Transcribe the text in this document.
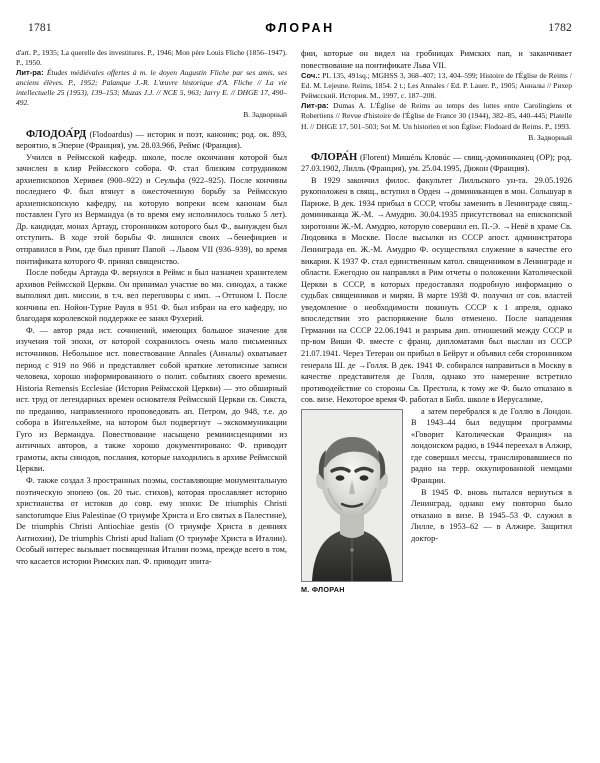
1781	ФЛОРАН	1782

d'art. P., 1935; La querelle des investitures. P., 1946; Mon père Louis Fliche (1856–1947). P., 1950.

Лит-ра: Études médiévales offertes à m. le doyen Augustin Fliche par ses amis, ses anciens élèves. P., 1952; Palanque J.-R. L'œuvre historique d'A. Fliche // La vie intellectuelle 25 (1953), 139–153; Muzas J.J. // NCE 5, 963; Jarry E. // DHGE 17, 490–492.

В. Задворный

ФЛОДОА́РД (Flodoardus) — историк и поэт, каноник; род. ок. 893, вероятно, в Эперне (Франция), ум. 28.03.966, Реймс (Франция).

Учился в Реймсской кафедр. школе, после окончания которой был зачислен в клир Реймсского собора. Ф. стал близким сотрудником архиепископов Херивея (900–922) и Сеульфа (922–925). После кончины последнего Ф. был втянут в ожесточенную борьбу за Реймсскую архиепископскую кафедру, на которую вопреки всем канонам был поставлен Гуго из Вермандуа (в то время ему исполнилось только 5 лет). Др. кандидат, монах Артауд, сторонником которого был Ф., вынужден был отступить. В ходе этой борьбы Ф. лишился своих →бенефициев и отправился в Рим, где был принят Папой →Львом VII (936–939), во время понтификата которого Ф. принял священство.

После победы Артауда Ф. вернулся в Реймс и был назначен хранителем архивов Реймсской Церкви. Он принимал участие во мн. синодах, а также выполнял дип. миссии, в т.ч. вел переговоры с имп. →Оттоном I. После кончины еп. Нойон-Турне Рауля в 951 Ф. был избран на его кафедру, но благодаря королевской поддержке ее занял Фухерий.

Ф. — автор ряда ист. сочинений, имеющих большое значение для изучения той эпохи, от которой сохранилось очень мало письменных источников. Небольшое ист. повествование Annales (Анналы) охватывает период с 919 по 966 и представляет собой краткие летописные записи человека, хорошо информированного о полит. событиях своего времени. Historia Remensis Ecclesiae (История Реймсской Церкви) — это обширный ист. труд от легендарных времен основателя Реймсской Церкви св. Сикста, по преданию, направленного проповедовать ап. Петром, до 948, т.е. до собора в Ингельхейме, на котором был подвергнут →экскоммуникации Гуго из Вермандуа. Повествование насыщено реминисценциями из античных авторов, а также хорошо документировано: Ф. приводит грамоты, акты синодов, послания, которые находились в архиве Реймсской Церкви.

Ф. также создал 3 пространных поэмы, составляющие монументальную поэтическую эпопею (ок. 20 тыс. стихов), которая прославляет историю христианства от истоков до совр. ему эпохи: De triumphis Christi sanctorumque Eius Palestinae (О триумфе Христа и Его святых в Палестине), De triumphis Christi Antiochiae gestis (О триумфе Христа в деяниях Антиохии), De triumphis Christi apud Italiam (О триумфе Христа в Италии). Особый интерес вызывает посвященная Италии поэма, прежде всего в том, что касается истории Римских пап. Ф. приводит эпита-

фии, которые он видел на гробницах Римских пап, и заканчивает повествование на понтификате Льва VII.

Соч.: PL 135, 491sq.; MGHSS 3, 368–407; 13, 404–599; Histoire de l'Église de Reims / Ed. M. Lejeune. Reims, 1854. 2 t.; Les Annales / Ed. P. Lauer. P., 1905; Анналы // Рихер Реймсский. История. М., 1997, с. 187–208.

Лит-ра: Dumas A. L'Église de Reims au temps des luttes entre Carolingiens et Robertiens // Revue d'histoire de l'Église de France 30 (1944), 382–85, 440–445; Platelle H. // DHGE 17, 501–503; Sot M. Un historien et son Église: Flodoard de Reims. P., 1993.

В. Задворный

ФЛОРА́Н (Florent) Мишéль Кловúс — свящ.-доминиканец (OP); род. 27.03.1902, Лилль (Франция), ум. 25.04.1995, Дижон (Франция).

В 1929 закончил филос. факультет Лилльского ун-та. 29.05.1926 рукоположен в свящ., вступил в Орден →доминиканцев в мон. Сольшуар в Париже. В дек. 1934 прибыл в СССР, чтобы заменить в Ленинграде свящ.-доминиканца Ж.-М. →Амудрю. 30.04.1935 присутствовал на епископской хиротонии Ж.-М. Амудрю, которую совершил еп. П.-Э. →Невё в храме Св. Людовика в Москве. После высылки из СССР апост. администратора Ленинграда еп. Ж.-М. Амудрю Ф. осуществлял служение в качестве его викария. К 1937 Ф. стал единственным катол. священником в Ленинграде и области. Ежегодно он направлял в Рим отчеты о положении Католической Церкви в СССР, в которых предоставлял подробную информацию о судьбах священников и мирян. В марте 1938 Ф. получил от сов. властей уведомление о необходимости покинуть СССР к 1 апреля, однако впоследствии это распоряжение было отменено. После нападения Германии на СССР 22.06.1941 и разрыва дип. отношений между СССР и пр-вом Виши Ф. вместе с франц. дипломатами был выслан из СССР 21.07.1941. Через Тетеран он прибыл в Бейрут и объявил себя сторонником генерала Ш. де →Голля. В дек. 1941 Ф. собирался направиться в Москву в качестве представителя де Голля, однако это намерение встретило противодействие со стороны Св. Престола, к тому же Ф. было отказано в сов. визе. Некоторое время Ф. работал в Библ. школе в Иерусалиме,

М. ФЛОРАН

а затем перебрался к де Голлю в Лондон. В 1943–44 был ведущим программы «Говорит Католическая Франция» на лондонском радио, в 1944 переехал в Алжир, где совершал мессы, транслировавшиеся по радио на терр. оккупированной немцами Франции.

В 1945 Ф. вновь пытался вернуться в Ленинград, однако ему повторно было отказано в визе. В 1945–53 Ф. служил в Лилле, в 1953–62 — в Алжире. Защитил доктор-
